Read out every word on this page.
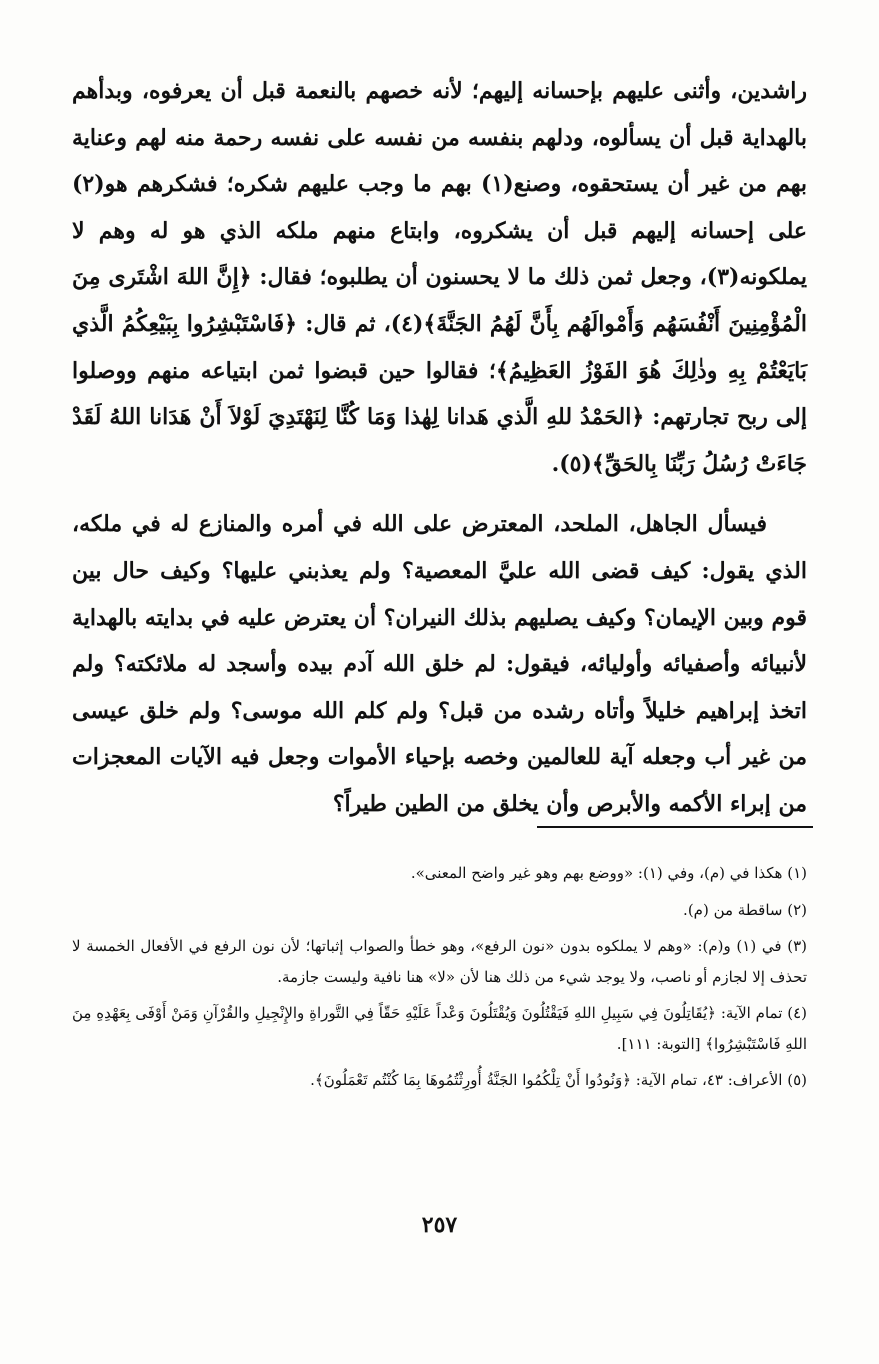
راشدين، وأثنى عليهم بإحسانه إليهم؛ لأنه خصهم بالنعمة قبل أن يعرفوه، وبدأهم بالهداية قبل أن يسألوه، ودلهم بنفسه من نفسه على نفسه رحمة منه لهم وعناية بهم من غير أن يستحقوه، وصنع(١) بهم ما وجب عليهم شكره؛ فشكرهم هو(٢) على إحسانه إليهم قبل أن يشكروه، وابتاع منهم ملكه الذي هو له وهم لا يملكونه(٣)، وجعل ثمن ذلك ما لا يحسنون أن يطلبوه؛ فقال: ﴿إِنَّ اللهَ اشْتَرى مِنَ الْمُؤْمِنِينَ أَنْفُسَهُم وَأَمْوالَهُم بِأَنَّ لَهُمُ الجَنَّةَ﴾(٤)، ثم قال: ﴿فَاسْتَبْشِرُوا بِبَيْعِكُمُ الَّذي بَايَعْتُمْ بِهِ وذٰلِكَ هُوَ الفَوْزُ العَظِيمُ﴾؛ فقالوا حين قبضوا ثمن ابتياعه منهم ووصلوا إلى ربح تجارتهم: ﴿الحَمْدُ للهِ الَّذي هَدانا لِهٰذا وَمَا كُنَّا لِنَهْتَدِيَ لَوْلاَ أَنْ هَدَانا اللهُ لَقَدْ جَاءَتْ رُسُلُ رَبِّنَا بِالحَقِّ﴾(٥).

فيسأل الجاهل، الملحد، المعترض على الله في أمره والمنازع له في ملكه، الذي يقول: كيف قضى الله عليَّ المعصية؟ ولم يعذبني عليها؟ وكيف حال بين قوم وبين الإيمان؟ وكيف يصليهم بذلك النيران؟ أن يعترض عليه في بدايته بالهداية لأنبيائه وأصفيائه وأوليائه، فيقول: لم خلق الله آدم بيده وأسجد له ملائكته؟ ولم اتخذ إبراهيم خليلاً وأتاه رشده من قبل؟ ولم كلم الله موسى؟ ولم خلق عيسى من غير أب وجعله آية للعالمين وخصه بإحياء الأموات وجعل فيه الآيات المعجزات من إبراء الأكمه والأبرص وأن يخلق من الطين طيراً؟

(١) هكذا في (م)، وفي (١): «ووضع بهم وهو غير واضح المعنى».

(٢) ساقطة من (م).

(٣) في (١) و(م): «وهم لا يملكوه بدون «نون الرفع»، وهو خطأ والصواب إثباتها؛ لأن نون الرفع في الأفعال الخمسة لا تحذف إلا لجازم أو ناصب، ولا يوجد شيء من ذلك هنا لأن «لا» هنا نافية وليست جازمة.

(٤) تمام الآية: ﴿يُقَاتِلُونَ فِي سَبِيلِ اللهِ فَيَقْتُلُونَ وَيُقْتَلُونَ وَعْداً عَلَيْهِ حَقّاً فِي التَّوراةِ والإِنْجِيلِ والقُرْآنِ وَمَنْ أَوْفَى بِعَهْدِهِ مِنَ اللهِ فَاسْتَبْشِرُوا﴾ [التوبة: ١١١].

(٥) الأعراف: ٤٣، تمام الآية: ﴿وَنُودُوا أَنْ تِلْكُمُوا الجَنَّةُ أُورِثْتُمُوهَا بِمَا كُنْتُم تَعْمَلُونَ﴾.

٢٥٧
